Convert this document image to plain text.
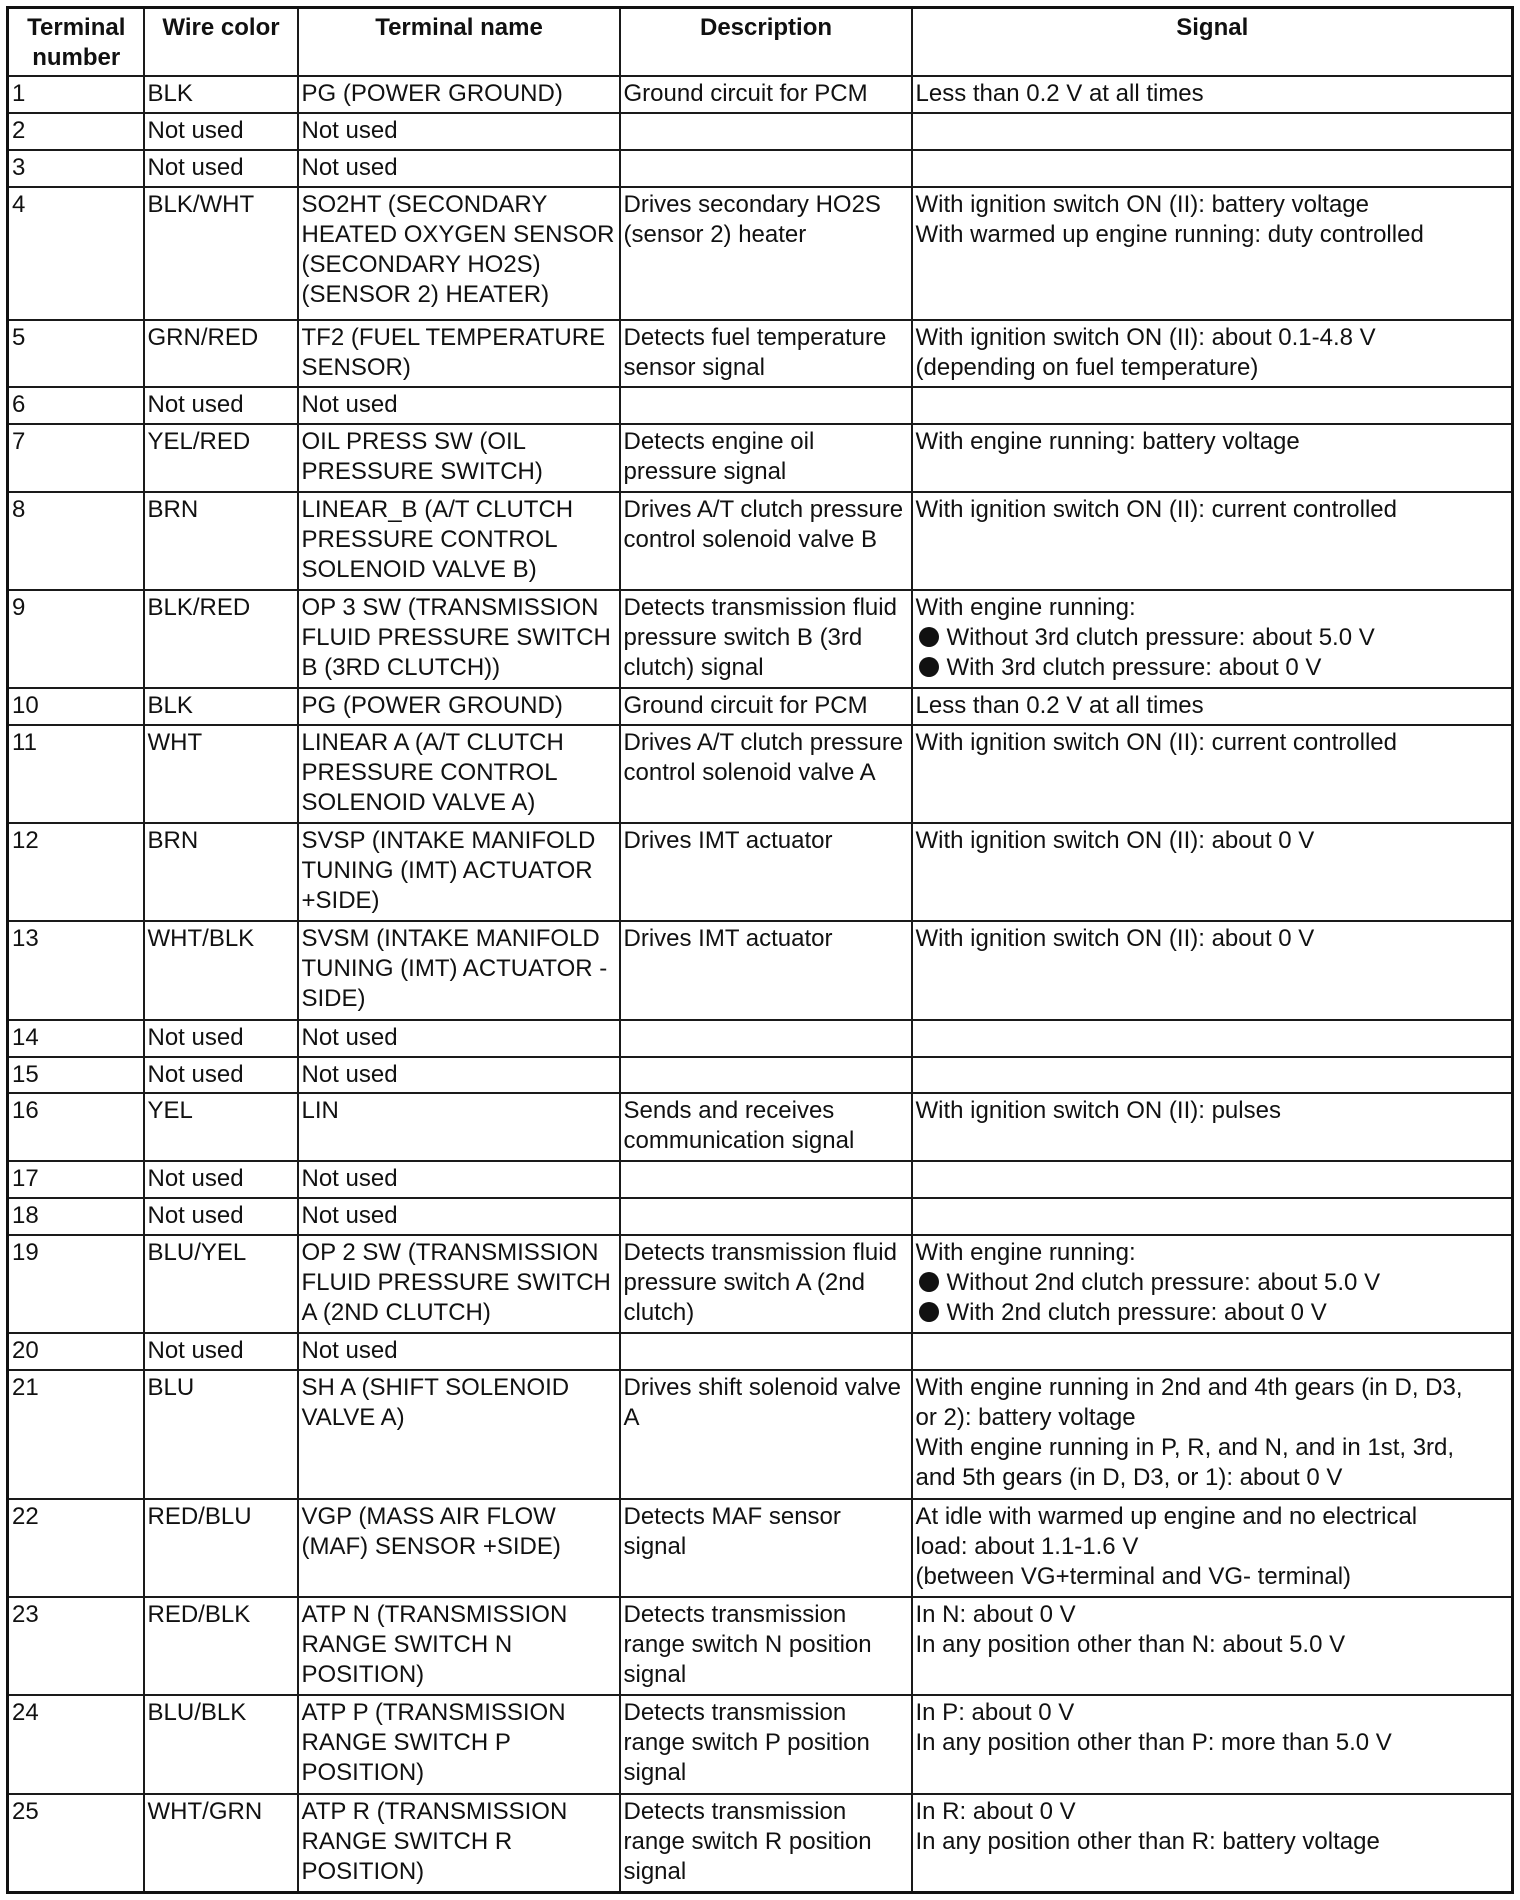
Terminal number	Wire color	Terminal name	Description	Signal
1	BLK	PG (POWER GROUND)	Ground circuit for PCM	Less than 0.2 V at all times

2	Not used	Not used		
3	Not used	Not used		
4	BLK/WHT	SO2HT (SECONDARY HEATED OXYGEN SENSOR (SECONDARY HO2S) (SENSOR 2) HEATER)	Drives secondary HO2S (sensor 2) heater	With ignition switch ON (II): battery voltage
With warmed up engine running: duty controlled

5	GRN/RED	TF2 (FUEL TEMPERATURE SENSOR)	Detects fuel temperature sensor signal	With ignition switch ON (II): about 0.1-4.8 V
(depending on fuel temperature)

6	Not used	Not used		
7	YEL/RED	OIL PRESS SW (OIL PRESSURE SWITCH)	Detects engine oil pressure signal	With engine running: battery voltage

8	BRN	LINEAR_B (A/T CLUTCH PRESSURE CONTROL SOLENOID VALVE B)	Drives A/T clutch pressure control solenoid valve B	With ignition switch ON (II): current controlled

9	BLK/RED	OP 3 SW (TRANSMISSION FLUID PRESSURE SWITCH B (3RD CLUTCH))	Detects transmission fluid pressure switch B (3rd clutch) signal	With engine running:
Without 3rd clutch pressure: about 5.0 V
With 3rd clutch pressure: about 0 V

10	BLK	PG (POWER GROUND)	Ground circuit for PCM	Less than 0.2 V at all times

11	WHT	LINEAR A (A/T CLUTCH PRESSURE CONTROL SOLENOID VALVE A)	Drives A/T clutch pressure control solenoid valve A	With ignition switch ON (II): current controlled

12	BRN	SVSP (INTAKE MANIFOLD TUNING (IMT) ACTUATOR +SIDE)	Drives IMT actuator	With ignition switch ON (II): about 0 V

13	WHT/BLK	SVSM (INTAKE MANIFOLD TUNING (IMT) ACTUATOR -SIDE)	Drives IMT actuator	With ignition switch ON (II): about 0 V

14	Not used	Not used		
15	Not used	Not used		
16	YEL	LIN	Sends and receives communication signal	With ignition switch ON (II): pulses

17	Not used	Not used		
18	Not used	Not used		
19	BLU/YEL	OP 2 SW (TRANSMISSION FLUID PRESSURE SWITCH A (2ND CLUTCH)	Detects transmission fluid pressure switch A (2nd clutch)	With engine running:
Without 2nd clutch pressure: about 5.0 V
With 2nd clutch pressure: about 0 V

20	Not used	Not used		
21	BLU	SH A (SHIFT SOLENOID VALVE A)	Drives shift solenoid valve A	With engine running in 2nd and 4th gears (in D, D3,
or 2): battery voltage
With engine running in P, R, and N, and in 1st, 3rd,
and 5th gears (in D, D3, or 1): about 0 V

22	RED/BLU	VGP (MASS AIR FLOW (MAF) SENSOR +SIDE)	Detects MAF sensor signal	At idle with warmed up engine and no electrical
load: about 1.1-1.6 V
(between VG+terminal and VG- terminal)

23	RED/BLK	ATP N (TRANSMISSION RANGE SWITCH N POSITION)	Detects transmission range switch N position signal	In N: about 0 V
In any position other than N: about 5.0 V

24	BLU/BLK	ATP P (TRANSMISSION RANGE SWITCH P POSITION)	Detects transmission range switch P position signal	In P: about 0 V
In any position other than P: more than 5.0 V

25	WHT/GRN	ATP R (TRANSMISSION RANGE SWITCH R POSITION)	Detects transmission range switch R position signal	In R: about 0 V
In any position other than R: battery voltage
